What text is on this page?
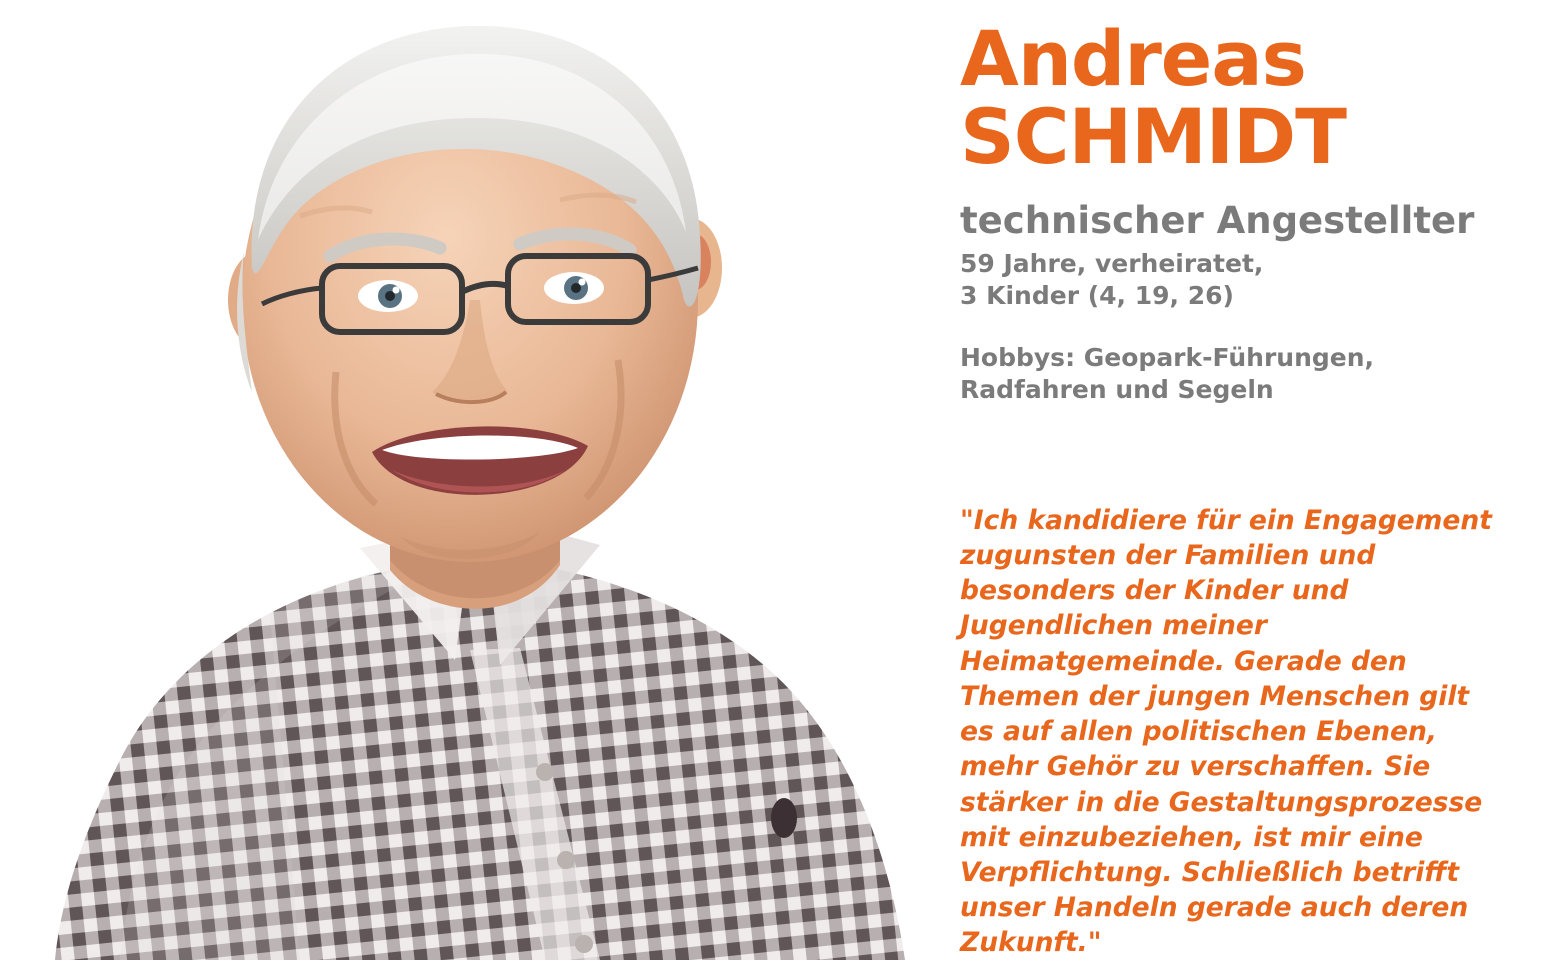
Andreas
SCHMIDT
technischer Angestellter
59 Jahre, verheiratet,
3 Kinder (4, 19, 26)
Hobbys: Geopark-Führungen,
Radfahren und Segeln
"Ich kandidiere für ein Engagement zugunsten der Familien und besonders der Kinder und Jugendlichen meiner Heimatgemeinde. Gerade den Themen der jungen Menschen gilt es auf allen politischen Ebenen, mehr Gehör zu verschaffen. Sie stärker in die Gestaltungsprozesse mit einzubeziehen, ist mir eine Verpflichtung. Schließlich betrifft unser Handeln gerade auch deren Zukunft."
